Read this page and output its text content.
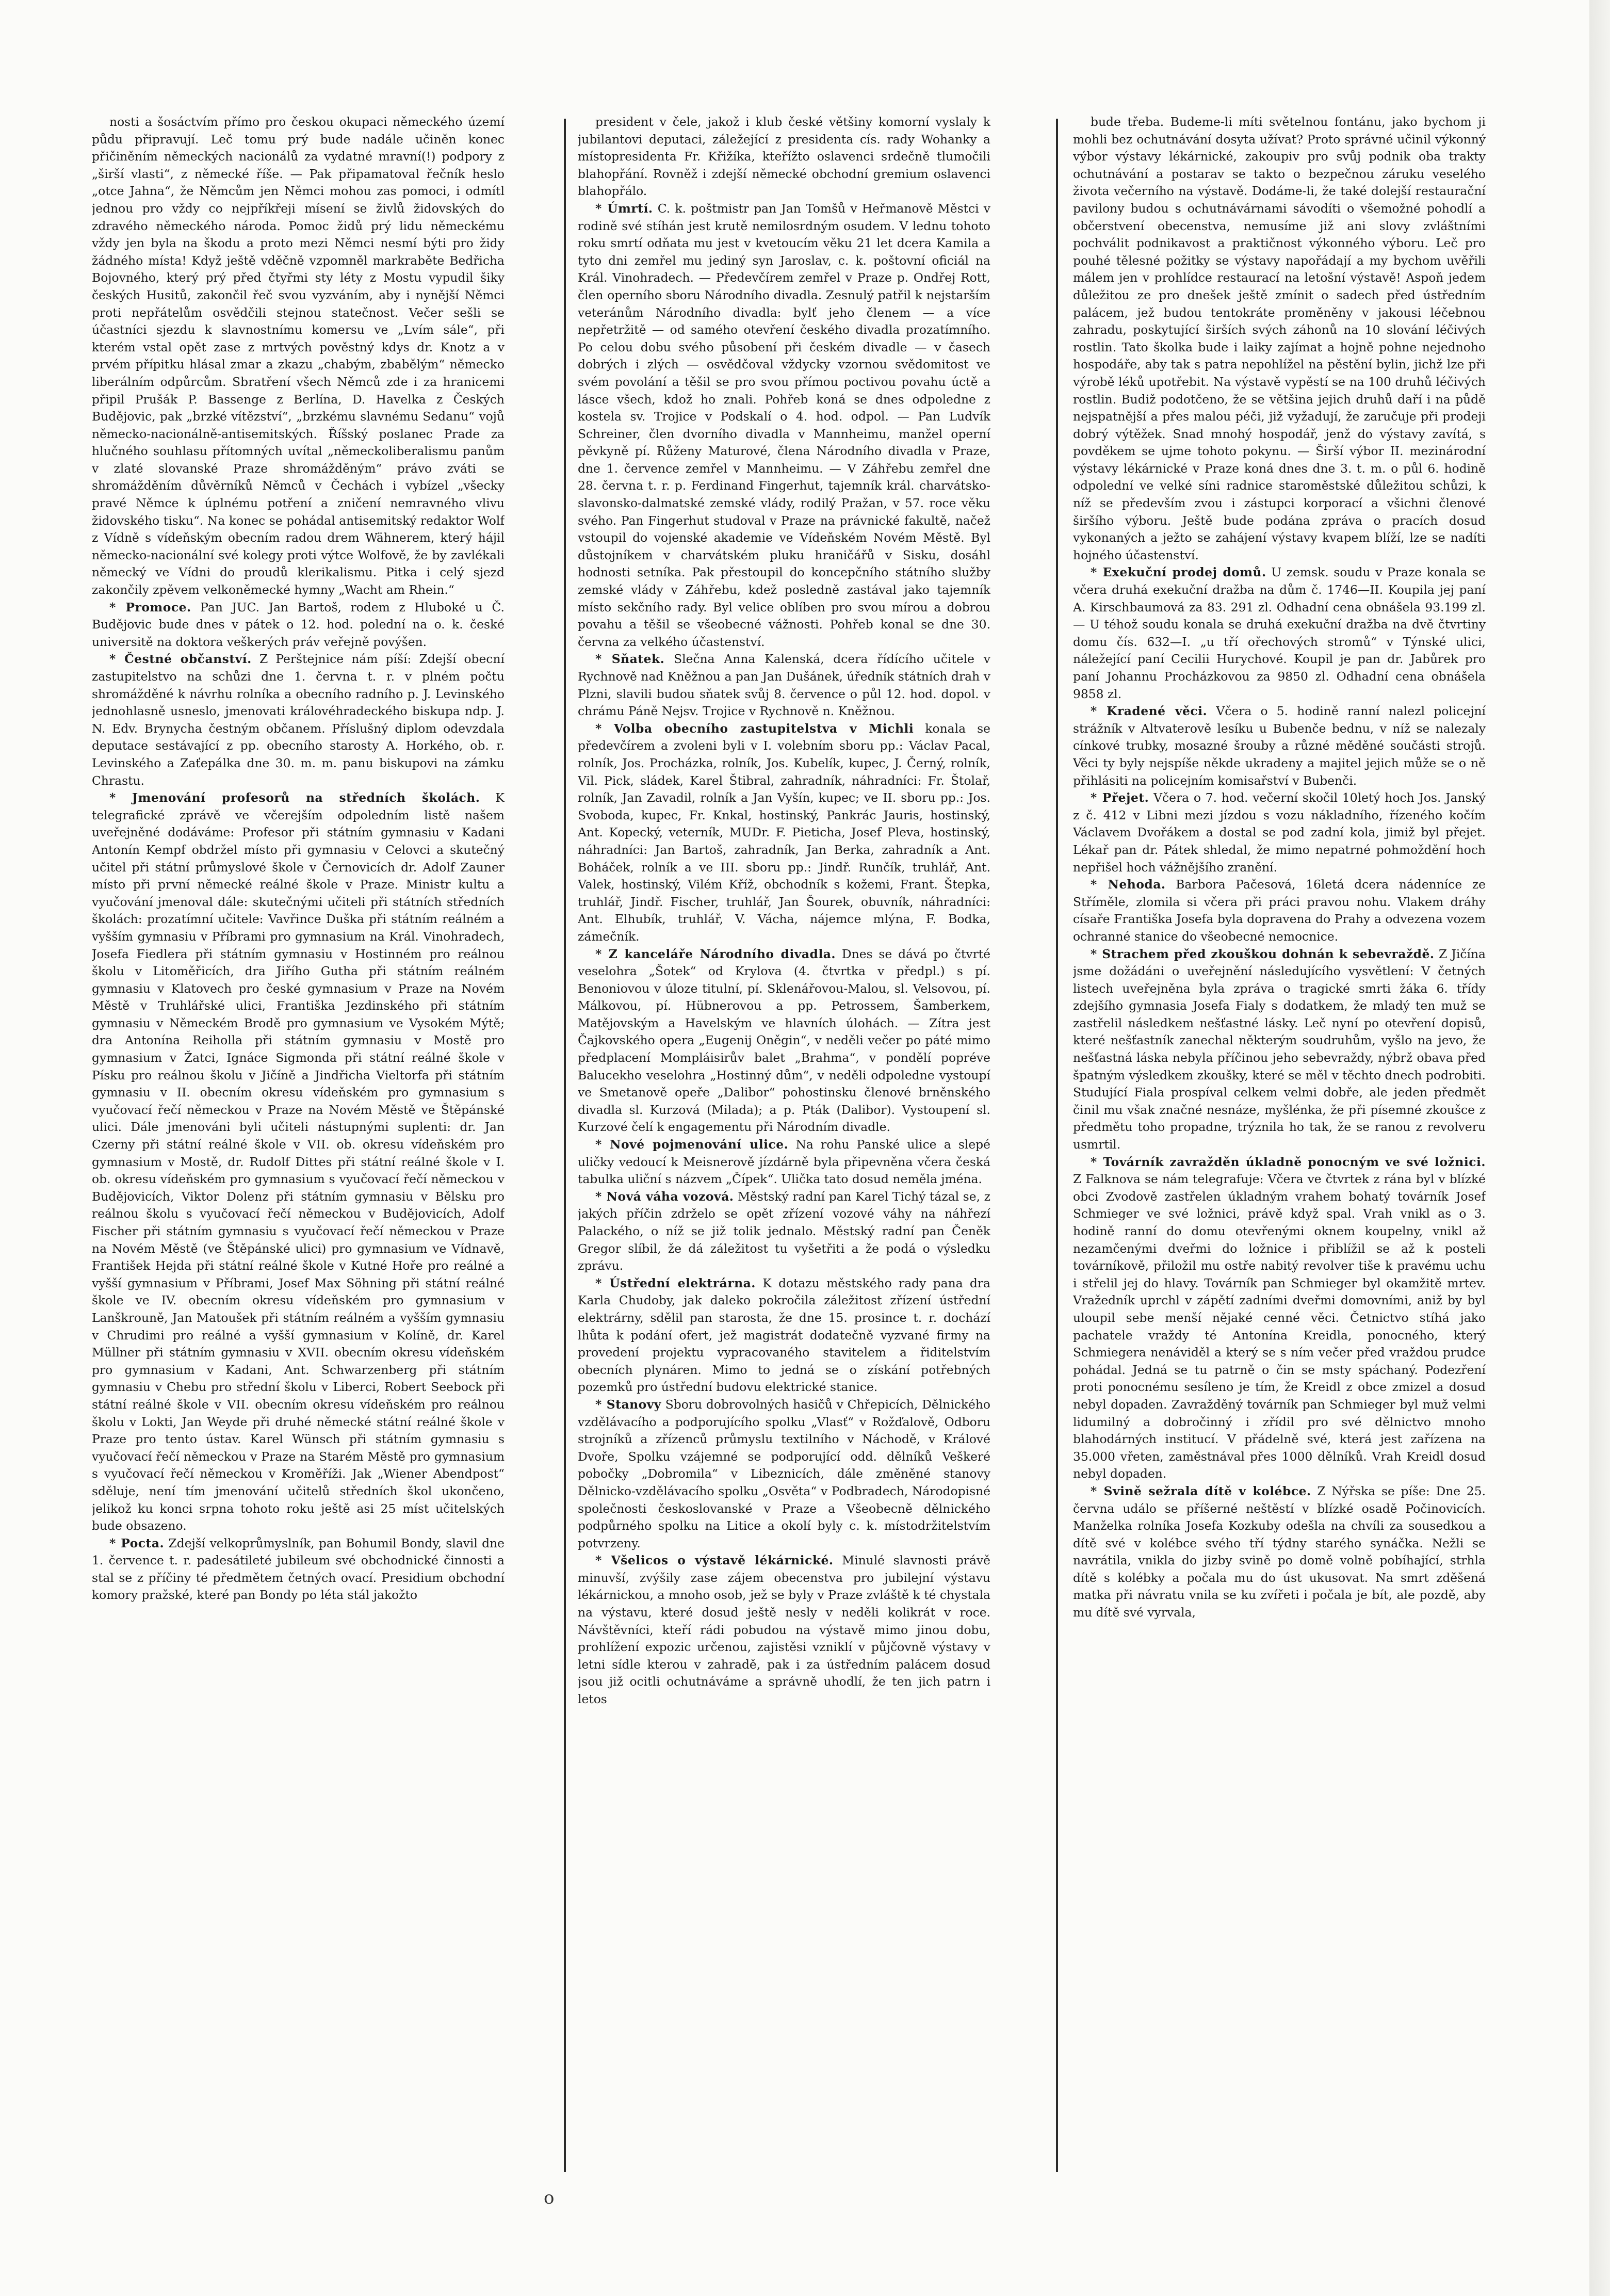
nosti a šosáctvím přímo pro českou okupaci německého území půdu připravují. Leč tomu prý bude nadále učiněn konec přičiněním německých nacionálů za vydatné mravní(!) podpory z „širší vlasti“, z německé říše. — Pak připamatoval řečník heslo „otce Jahna“, že Němcům jen Němci mohou zas pomoci, i odmítl jednou pro vždy co nejpříkřeji mísení se živlů židovských do zdravého německého národa. Pomoc židů prý lidu německému vždy jen byla na škodu a proto mezi Němci nesmí býti pro židy žádného místa! Když ještě vděčně vzpomněl markraběte Bedřicha Bojovného, který prý před čtyřmi sty léty z Mostu vypudil šiky českých Husitů, zakončil řeč svou vyzváním, aby i nynější Němci proti nepřátelům osvědčili stejnou statečnost. Večer sešli se účastníci sjezdu k slavnostnímu komersu ve „Lvím sále“, při kterém vstal opět zase z mrtvých pověstný kdys dr. Knotz a v prvém přípitku hlásal zmar a zkazu „chabým, zbabělým“ německo liberálním odpůrcům. Sbratření všech Němců zde i za hranicemi připil Prušák P. Bassenge z Berlína, D. Havelka z Českých Budějovic, pak „brzké vítězství“, „brzkému slavnému Sedanu“ vojů německo-nacionálně-antisemitských. Říšský poslanec Prade za hlučného souhlasu přítomných uvítal „německoliberalismu panům v zlaté slovanské Praze shromážděným“ právo zváti se shromážděním důvěrníků Němců v Čechách i vybízel „všecky pravé Němce k úplnému potření a zničení nemravného vlivu židovského tisku“. Na konec se pohádal antisemitský redaktor Wolf z Vídně s vídeňským obecním radou drem Wähnerem, který hájil německo-nacionální své kolegy proti výtce Wolfově, že by zavlékali německý ve Vídni do proudů klerikalismu. Pitka i celý sjezd zakončily zpěvem velkoněmecké hymny „Wacht am Rhein.“

* Promoce. Pan JUC. Jan Bartoš, rodem z Hluboké u Č. Budějovic bude dnes v pátek o 12. hod. polední na o. k. české universitě na doktora veškerých práv veřejně povýšen.

* Čestné občanství. Z Perštejnice nám píší: Zdejší obecní zastupitelstvo na schůzi dne 1. června t. r. v plném počtu shromážděné k návrhu rolníka a obecního radního p. J. Levinského jednohlasně usneslo, jmenovati královéhradeckého biskupa ndp. J. N. Edv. Brynycha čestným občanem. Příslušný diplom odevzdala deputace sestávající z pp. obecního starosty A. Horkého, ob. r. Levinského a Zaťepálka dne 30. m. m. panu biskupovi na zámku Chrastu.

* Jmenování profesorů na středních školách. K telegrafické zprávě ve včerejším odpoledním listě našem uveřejněné dodáváme: Profesor při státním gymnasiu v Kadani Antonín Kempf obdržel místo při gymnasiu v Celovci a skutečný učitel při státní průmyslové škole v Černovicích dr. Adolf Zauner místo při první německé reálné škole v Praze. Ministr kultu a vyučování jmenoval dále: skutečnými učiteli při státních středních školách: prozatímní učitele: Vavřince Duška při státním reálném a vyšším gymnasiu v Příbrami pro gymnasium na Král. Vinohradech, Josefa Fiedlera při státním gymnasiu v Hostinném pro reálnou školu v Litoměřicích, dra Jiřího Gutha při státním reálném gymnasiu v Klatovech pro české gymnasium v Praze na Novém Městě v Truhlářské ulici, Františka Jezdinského při státním gymnasiu v Německém Brodě pro gymnasium ve Vysokém Mýtě; dra Antonína Reiholla při státním gymnasiu v Mostě pro gymnasium v Žatci, Ignáce Sigmonda při státní reálné škole v Písku pro reálnou školu v Jičíně a Jindřicha Vieltorfa při státním gymnasiu v II. obecním okresu vídeňském pro gymnasium s vyučovací řečí německou v Praze na Novém Městě ve Štěpánské ulici. Dále jmenováni byli učiteli nástupnými suplenti: dr. Jan Czerny při státní reálné škole v VII. ob. okresu vídeňském pro gymnasium v Mostě, dr. Rudolf Dittes při státní reálné škole v I. ob. okresu vídeňském pro gymnasium s vyučovací řečí německou v Budějovicích, Viktor Dolenz při státním gymnasiu v Bělsku pro reálnou školu s vyučovací řečí německou v Budějovicích, Adolf Fischer při státním gymnasiu s vyučovací řečí německou v Praze na Novém Městě (ve Štěpánské ulici) pro gymnasium ve Vídnavě, František Hejda při státní reálné škole v Kutné Hoře pro reálné a vyšší gymnasium v Příbrami, Josef Max Söhning při státní reálné škole ve IV. obecním okresu vídeňském pro gymnasium v Lanškrouně, Jan Matoušek při státním reálném a vyšším gymnasiu v Chrudimi pro reálné a vyšší gymnasium v Kolíně, dr. Karel Müllner při státním gymnasiu v XVII. obecním okresu vídeňském pro gymnasium v Kadani, Ant. Schwarzenberg při státním gymnasiu v Chebu pro střední školu v Liberci, Robert Seebock při státní reálné škole v VII. obecním okresu vídeňském pro reálnou školu v Lokti, Jan Weyde při druhé německé státní reálné škole v Praze pro tento ústav. Karel Wünsch při státním gymnasiu s vyučovací řečí německou v Praze na Starém Městě pro gymnasium s vyučovací řečí německou v Kroměříži. Jak „Wiener Abendpost“ sděluje, není tím jmenování učitelů středních škol ukončeno, jelikož ku konci srpna tohoto roku ještě asi 25 míst učitelských bude obsazeno.

* Pocta. Zdejší velkoprůmyslník, pan Bohumil Bondy, slavil dne 1. července t. r. padesátileté jubileum své obchodnické činnosti a stal se z příčiny té předmětem četných ovací. Presidium obchodní komory pražské, které pan Bondy po léta stál jakožto

president v čele, jakož i klub české většiny komorní vyslaly k jubilantovi deputaci, záležející z presidenta cís. rady Wohanky a místopresidenta Fr. Křižíka, kteřížto oslavenci srdečně tlumočili blahopřání. Rovněž i zdejší německé obchodní gremium oslavenci blahopřálo.

* Úmrtí. C. k. poštmistr pan Jan Tomšů v Heřmanově Městci v rodině své stíhán jest krutě nemilosrdným osudem. V lednu tohoto roku smrtí odňata mu jest v kvetoucím věku 21 let dcera Kamila a tyto dni zemřel mu jediný syn Jaroslav, c. k. poštovní oficiál na Král. Vinohradech. — Předevčírem zemřel v Praze p. Ondřej Rott, člen operního sboru Národního divadla. Zesnulý patřil k nejstarším veteránům Národního divadla: bylť jeho členem — a více nepřetržitě — od samého otevření českého divadla prozatímního. Po celou dobu svého působení při českém divadle — v časech dobrých i zlých — osvědčoval vždycky vzornou svědomitost ve svém povolání a těšil se pro svou přímou poctivou povahu úctě a lásce všech, kdož ho znali. Pohřeb koná se dnes odpoledne z kostela sv. Trojice v Podskalí o 4. hod. odpol. — Pan Ludvík Schreiner, člen dvorního divadla v Mannheimu, manžel operní pěvkyně pí. Růženy Maturové, člena Národního divadla v Praze, dne 1. července zemřel v Mannheimu. — V Záhřebu zemřel dne 28. června t. r. p. Ferdinand Fingerhut, tajemník král. charvátsko-slavonsko-dalmatské zemské vlády, rodilý Pražan, v 57. roce věku svého. Pan Fingerhut studoval v Praze na právnické fakultě, načež vstoupil do vojenské akademie ve Vídeňském Novém Městě. Byl důstojníkem v charvátském pluku hraničářů v Sisku, dosáhl hodnosti setníka. Pak přestoupil do koncepčního státního služby zemské vlády v Záhřebu, kdež posledně zastával jako tajemník místo sekčního rady. Byl velice oblíben pro svou mírou a dobrou povahu a těšil se všeobecné vážnosti. Pohřeb konal se dne 30. června za velkého účastenství.

* Sňatek. Slečna Anna Kalenská, dcera řídícího učitele v Rychnově nad Kněžnou a pan Jan Dušánek, úředník státních drah v Plzni, slavili budou sňatek svůj 8. července o půl 12. hod. dopol. v chrámu Páně Nejsv. Trojice v Rychnově n. Kněžnou.

* Volba obecního zastupitelstva v Michli konala se předevčírem a zvoleni byli v I. volebním sboru pp.: Václav Pacal, rolník, Jos. Procházka, rolník, Jos. Kubelík, kupec, J. Černý, rolník, Vil. Pick, sládek, Karel Štibral, zahradník, náhradníci: Fr. Štolař, rolník, Jan Zavadil, rolník a Jan Vyšín, kupec; ve II. sboru pp.: Jos. Svoboda, kupec, Fr. Knkal, hostinský, Pankrác Jauris, hostinský, Ant. Kopecký, veterník, MUDr. F. Pieticha, Josef Pleva, hostinský, náhradníci: Jan Bartoš, zahradník, Jan Berka, zahradník a Ant. Boháček, rolník a ve III. sboru pp.: Jindř. Runčík, truhlář, Ant. Valek, hostinský, Vilém Kříž, obchodník s kožemi, Frant. Štepka, truhlář, Jindř. Fischer, truhlář, Jan Šourek, obuvník, náhradníci: Ant. Elhubík, truhlář, V. Vácha, nájemce mlýna, F. Bodka, zámečník.

* Z kanceláře Národního divadla. Dnes se dává po čtvrté veselohra „Šotek“ od Krylova (4. čtvrtka v předpl.) s pí. Benoniovou v úloze titulní, pí. Sklenářovou-Malou, sl. Velsovou, pí. Málkovou, pí. Hübnerovou a pp. Petrossem, Šamberkem, Matějovským a Havelským ve hlavních úlohách. — Zítra jest Čajkovského opera „Eugenij Oněgin“, v neděli večer po páté mimo předplacení Mompláisirův balet „Brahma“, v pondělí popréve Balucekho veselohra „Hostinný dům“, v neděli odpoledne vystoupí ve Smetanově opeře „Dalibor“ pohostinsku členové brněnského divadla sl. Kurzová (Milada); a p. Pták (Dalibor). Vystoupení sl. Kurzové čelí k engagementu při Národním divadle.

* Nové pojmenování ulice. Na rohu Panské ulice a slepé uličky vedoucí k Meisnerově jízdárně byla připevněna včera česká tabulka uliční s názvem „Čípek“. Ulička tato dosud neměla jména.

* Nová váha vozová. Městský radní pan Karel Tichý tázal se, z jakých příčin zdrželo se opět zřízení vozové váhy na náhřezí Palackého, o níž se již tolik jednalo. Městský radní pan Čeněk Gregor slíbil, že dá záležitost tu vyšetřiti a že podá o výsledku zprávu.

* Ústřední elektrárna. K dotazu městského rady pana dra Karla Chudoby, jak daleko pokročila záležitost zřízení ústřední elektrárny, sdělil pan starosta, že dne 15. prosince t. r. dochází lhůta k podání ofert, jež magistrát dodatečně vyzvané firmy na provedení projektu vypracovaného stavitelem a řiditelstvím obecních plynáren. Mimo to jedná se o získání potřebných pozemků pro ústřední budovu elektrické stanice.

* Stanovy Sboru dobrovolných hasičů v Chřepicích, Dělnického vzdělávacího a podporujícího spolku „Vlasť“ v Rožďalově, Odboru strojníků a zřízenců průmyslu textilního v Náchodě, v Králové Dvoře, Spolku vzájemné se podporující odd. dělníků Veškeré pobočky „Dobromila“ v Libeznicích, dále změněné stanovy Dělnicko-vzdělávacího spolku „Osvěta“ v Podbradech, Národopisné společnosti českoslovanské v Praze a Všeobecně dělnického podpůrného spolku na Litice a okolí byly c. k. místodržitelstvím potvrzeny.

* Všelicos o výstavě lékárnické. Minulé slavnosti právě minuvší, zvýšily zase zájem obecenstva pro jubilejní výstavu lékárnickou, a mnoho osob, jež se byly v Praze zvláště k té chystala na výstavu, které dosud ještě nesly v neděli kolikrát v roce. Návštěvníci, kteří rádi pobudou na výstavě mimo jinou dobu, prohlížení expozic určenou, zajistěsi vzniklí v půjčovně výstavy v letni sídle kterou v zahradě, pak i za ústředním palácem dosud jsou již ocitli ochutnáváme a správně uhodlí, že ten jich patrn i letos

bude třeba. Budeme-li míti světelnou fontánu, jako bychom ji mohli bez ochutnávání dosyta užívat? Proto správné učinil výkonný výbor výstavy lékárnické, zakoupiv pro svůj podnik oba trakty ochutnávání a postarav se takto o bezpečnou záruku veselého života večerního na výstavě. Dodáme-li, že také dolejší restaurační pavilony budou s ochutnávárnami sávodíti o všemožné pohodlí a občerstvení obecenstva, nemusíme již ani slovy zvláštními pochválit podnikavost a praktičnost výkonného výboru. Leč pro pouhé tělesné požitky se výstavy napořádají a my bychom uvěřili málem jen v prohlídce restaurací na letošní výstavě! Aspoň jedem důležitou ze pro dnešek ještě zmínit o sadech před ústředním palácem, jež budou tentokráte proměněny v jakousi léčebnou zahradu, poskytující širších svých záhonů na 10 slování léčivých rostlin. Tato školka bude i laiky zajímat a hojně pohne nejednoho hospodáře, aby tak s patra nepohlížel na pěstění bylin, jichž lze při výrobě léků upotřebit. Na výstavě vypěstí se na 100 druhů léčivých rostlin. Budiž podotčeno, že se většina jejich druhů daří i na půdě nejspatnější a přes malou péči, již vyžadují, že zaručuje při prodeji dobrý výtěžek. Snad mnohý hospodář, jenž do výstavy zavítá, s povděkem se ujme tohoto pokynu. — Širší výbor II. mezinárodní výstavy lékárnické v Praze koná dnes dne 3. t. m. o půl 6. hodině odpolední ve velké síni radnice staroměstské důležitou schůzi, k níž se především zvou i zástupci korporací a všichni členové širšího výboru. Ještě bude podána zpráva o pracích dosud vykonaných a ježto se zahájení výstavy kvapem blíží, lze se nadíti hojného účastenství.

* Exekuční prodej domů. U zemsk. soudu v Praze konala se včera druhá exekuční dražba na dům č. 1746—II. Koupila jej paní A. Kirschbaumová za 83. 291 zl. Odhadní cena obnášela 93.199 zl. — U téhož soudu konala se druhá exekuční dražba na dvě čtvrtiny domu čís. 632—I. „u tří ořechových stromů“ v Týnské ulici, náležející paní Cecilii Hurychové. Koupil je pan dr. Jabůrek pro paní Johannu Procházkovou za 9850 zl. Odhadní cena obnášela 9858 zl.

* Kradené věci. Včera o 5. hodině ranní nalezl policejní strážník v Altvaterově lesíku u Bubenče bednu, v níž se nalezaly cínkové trubky, mosazné šrouby a různé měděné součásti strojů. Věci ty byly nejspíše někde ukradeny a majitel jejich může se o ně přihlásiti na policejním komisařství v Bubenči.

* Přejet. Včera o 7. hod. večerní skočil 10letý hoch Jos. Janský z č. 412 v Libni mezi jízdou s vozu nákladního, řízeného kočím Václavem Dvořákem a dostal se pod zadní kola, jimiž byl přejet. Lékař pan dr. Pátek shledal, že mimo nepatrné pohmoždění hoch nepřišel hoch vážnějšího zranění.

* Nehoda. Barbora Pačesová, 16letá dcera nádenníce ze Stříměle, zlomila si včera při práci pravou nohu. Vlakem dráhy císaře Františka Josefa byla dopravena do Prahy a odvezena vozem ochranné stanice do všeobecné nemocnice.

* Strachem před zkouškou dohnán k sebevraždě. Z Jičína jsme dožádáni o uveřejnění následujícího vysvětlení: V četných listech uveřejněna byla zpráva o tragické smrti žáka 6. třídy zdejšího gymnasia Josefa Fialy s dodatkem, že mladý ten muž se zastřelil následkem nešťastné lásky. Leč nyní po otevření dopisů, které nešťastník zanechal některým soudruhům, vyšlo na jevo, že nešťastná láska nebyla příčinou jeho sebevraždy, nýbrž obava před špatným výsledkem zkoušky, které se měl v těchto dnech podrobiti. Studující Fiala prospíval celkem velmi dobře, ale jeden předmět činil mu však značné nesnáze, myšlénka, že při písemné zkoušce z předmětu toho propadne, trýznila ho tak, že se ranou z revolveru usmrtil.

* Továrník zavražděn úkladně ponocným ve své ložnici. Z Falknova se nám telegrafuje: Včera ve čtvrtek z rána byl v blízké obci Zvodově zastřelen úkladným vrahem bohatý továrník Josef Schmieger ve své ložnici, právě když spal. Vrah vnikl as o 3. hodině ranní do domu otevřenými oknem koupelny, vnikl až nezamčenými dveřmi do ložnice i přiblížil se až k posteli továrníkově, přiložil mu ostře nabitý revolver tiše k pravému uchu i střelil jej do hlavy. Továrník pan Schmieger byl okamžitě mrtev. Vražedník uprchl v zápětí zadními dveřmi domovními, aniž by byl uloupil sebe menší nějaké cenné věci. Četnictvo stíhá jako pachatele vraždy té Antonína Kreidla, ponocného, který Schmiegera nenáviděl a který se s ním večer před vraždou prudce pohádal. Jedná se tu patrně o čin se msty spáchaný. Podezření proti ponocnému sesíleno je tím, že Kreidl z obce zmizel a dosud nebyl dopaden. Zavražděný továrník pan Schmieger byl muž velmi lidumilný a dobročinný i zřídil pro své dělnictvo mnoho blahodárných institucí. V přádelně své, která jest zařízena na 35.000 vřeten, zaměstnával přes 1000 dělníků. Vrah Kreidl dosud nebyl dopaden.

* Svině sežrala dítě v kolébce. Z Nýřska se píše: Dne 25. června událo se příšerné neštěstí v blízké osadě Počinovicích. Manželka rolníka Josefa Kozkuby odešla na chvíli za sousedkou a dítě své v kolébce svého tří týdny starého synáčka. Nežli se navrátila, vnikla do jizby svině po domě volně pobíhající, strhla dítě s kolébky a počala mu do úst ukusovat. Na smrt zděšená matka při návratu vnila se ku zvířeti i počala je bít, ale pozdě, aby mu dítě své vyrvala,

o
